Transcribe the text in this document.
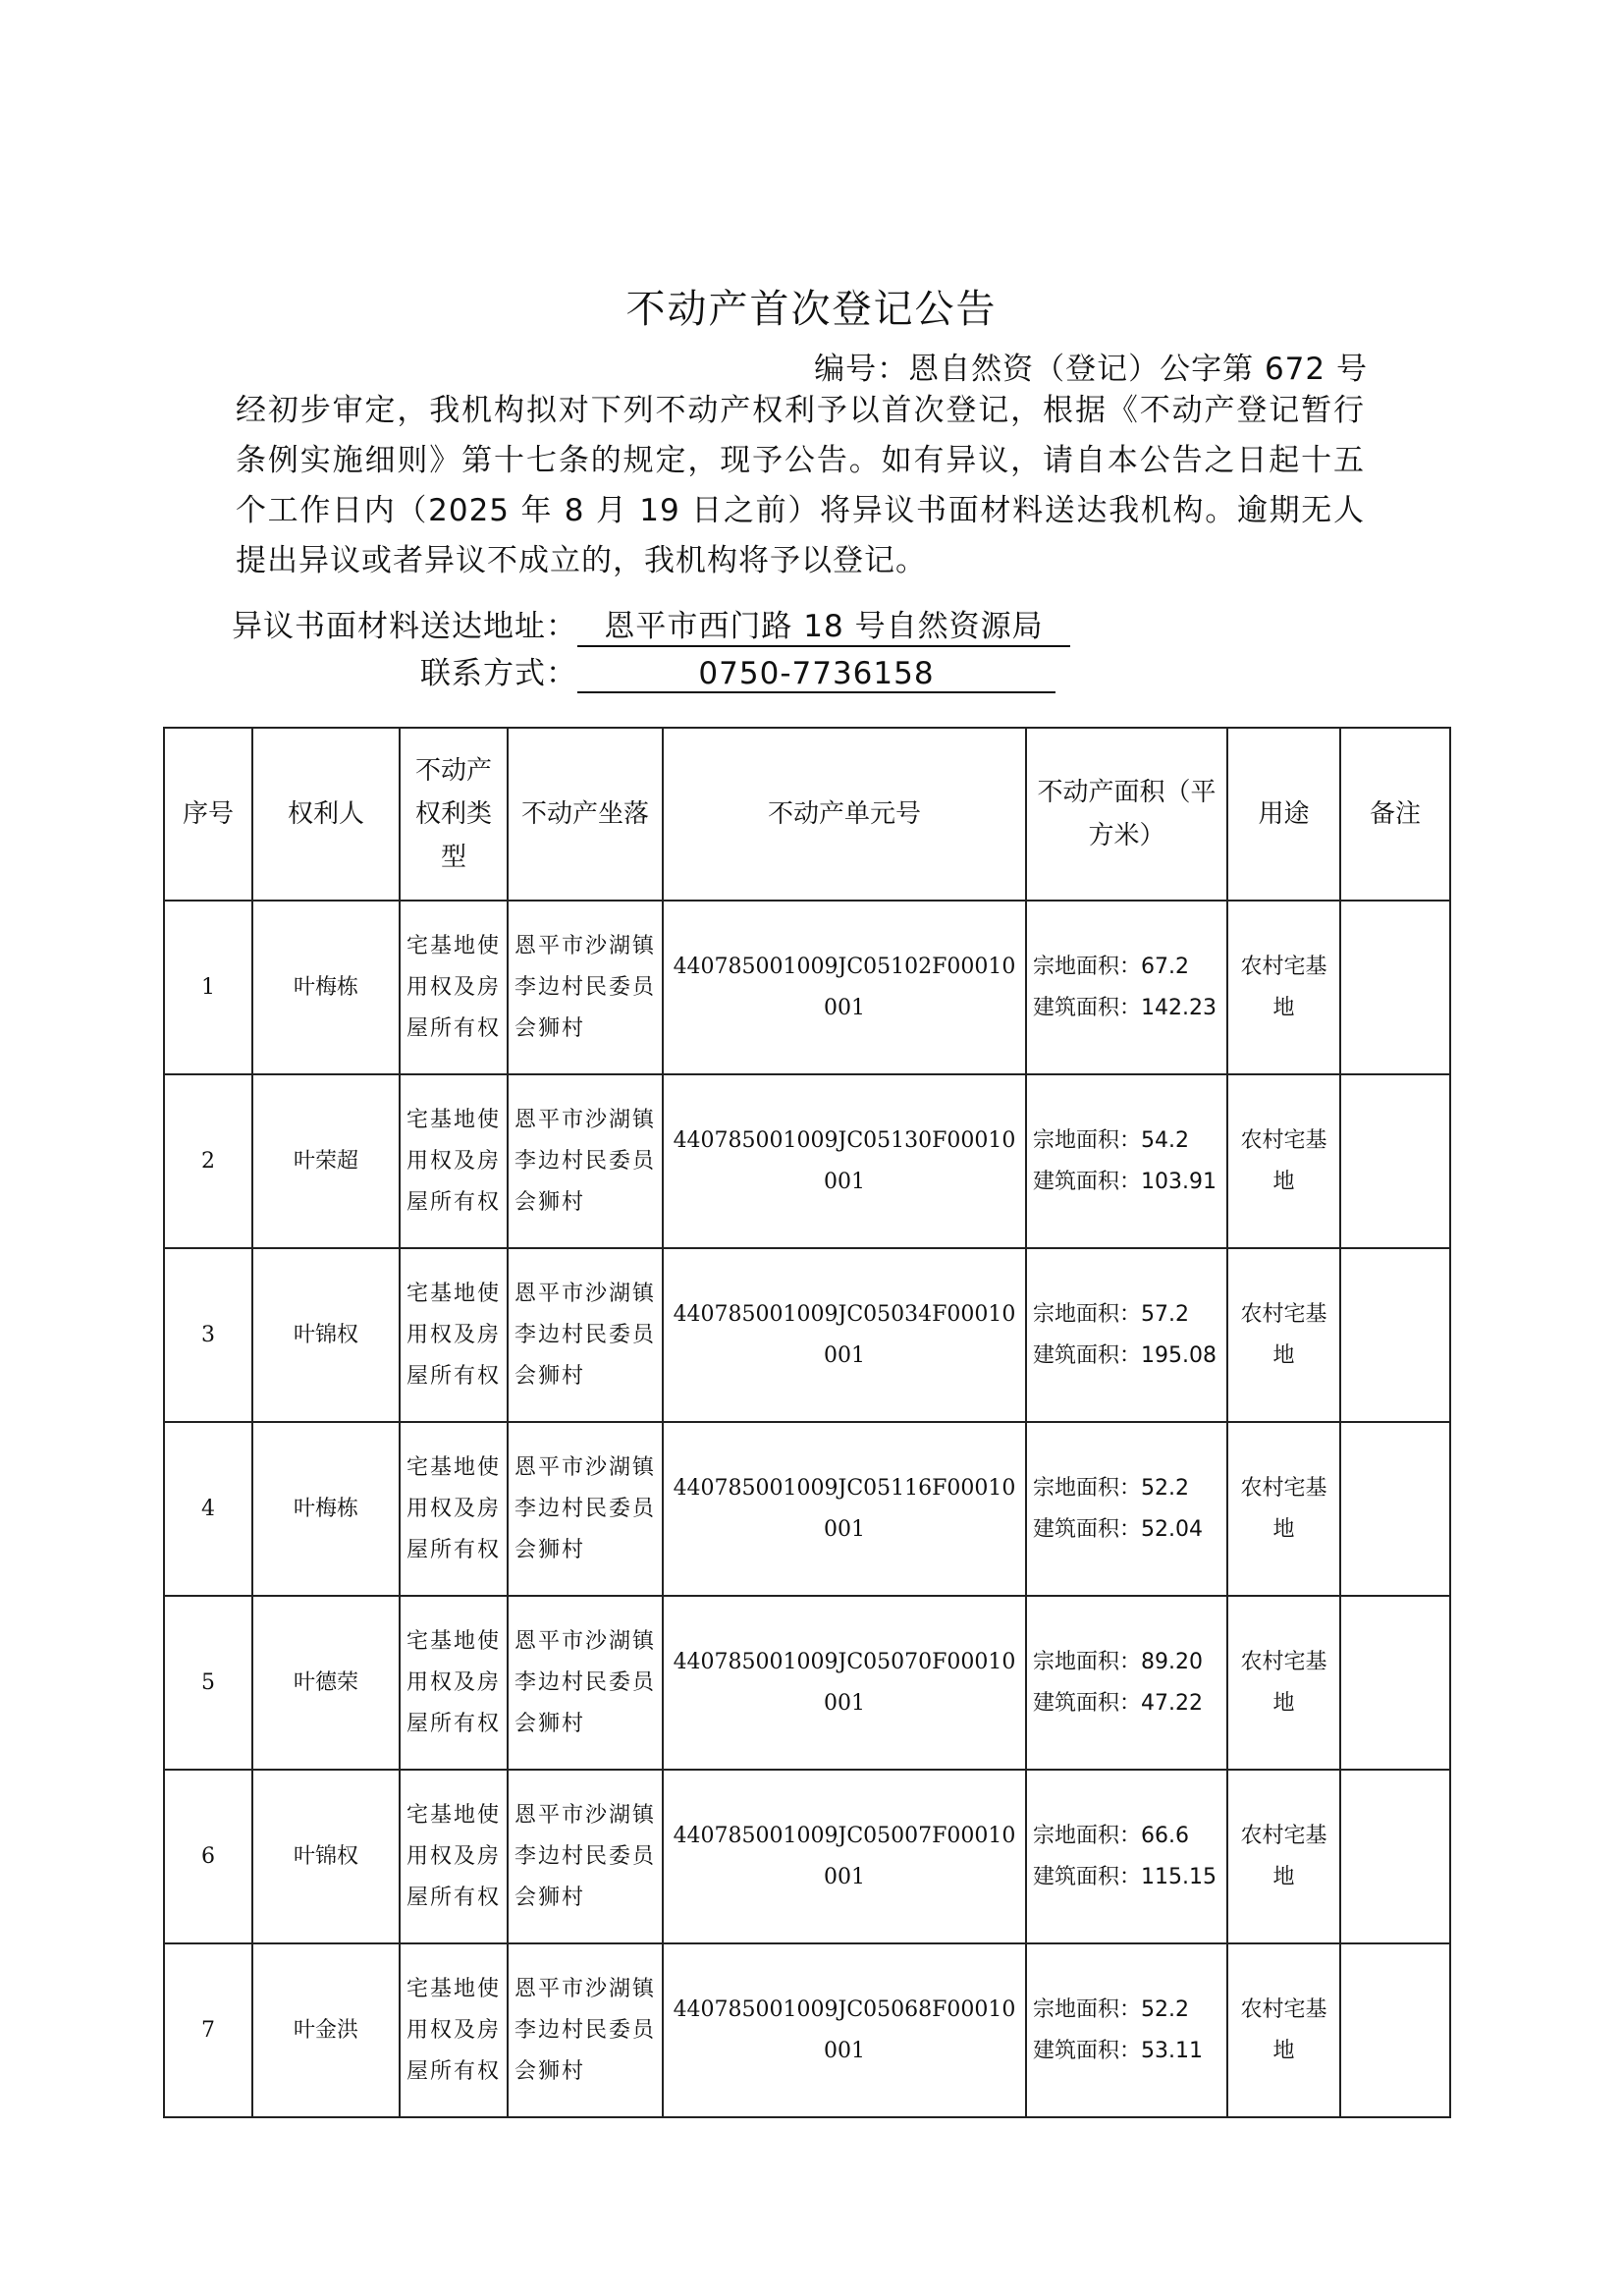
不动产首次登记公告
编号：恩自然资（登记）公字第 672 号
经初步审定，我机构拟对下列不动产权利予以首次登记，根据《不动产登记暂行条例实施细则》第十七条的规定，现予公告。如有异议，请自本公告之日起十五个工作日内（2025 年 8 月 19 日之前）将异议书面材料送达我机构。逾期无人提出异议或者异议不成立的，我机构将予以登记。
异议书面材料送达地址： 恩平市西门路 18 号自然资源局
联系方式：	0750-7736158
序号	权利人	不动产权利类型	不动产坐落	不动产单元号	不动产面积（平方米）	用途	备注
1	叶梅栋	宅基地使用权及房屋所有权	恩平市沙湖镇李边村民委员会狮村	440785001009JC05102F00010001	宗地面积：67.2
建筑面积：142.23	农村宅基地	
2	叶荣超	宅基地使用权及房屋所有权	恩平市沙湖镇李边村民委员会狮村	440785001009JC05130F00010001	宗地面积：54.2
建筑面积：103.91	农村宅基地	
3	叶锦权	宅基地使用权及房屋所有权	恩平市沙湖镇李边村民委员会狮村	440785001009JC05034F00010001	宗地面积：57.2
建筑面积：195.08	农村宅基地	
4	叶梅栋	宅基地使用权及房屋所有权	恩平市沙湖镇李边村民委员会狮村	440785001009JC05116F00010001	宗地面积：52.2
建筑面积：52.04	农村宅基地	
5	叶德荣	宅基地使用权及房屋所有权	恩平市沙湖镇李边村民委员会狮村	440785001009JC05070F00010001	宗地面积：89.20
建筑面积：47.22	农村宅基地	
6	叶锦权	宅基地使用权及房屋所有权	恩平市沙湖镇李边村民委员会狮村	440785001009JC05007F00010001	宗地面积：66.6
建筑面积：115.15	农村宅基地	
7	叶金洪	宅基地使用权及房屋所有权	恩平市沙湖镇李边村民委员会狮村	440785001009JC05068F00010001	宗地面积：52.2
建筑面积：53.11	农村宅基地	
